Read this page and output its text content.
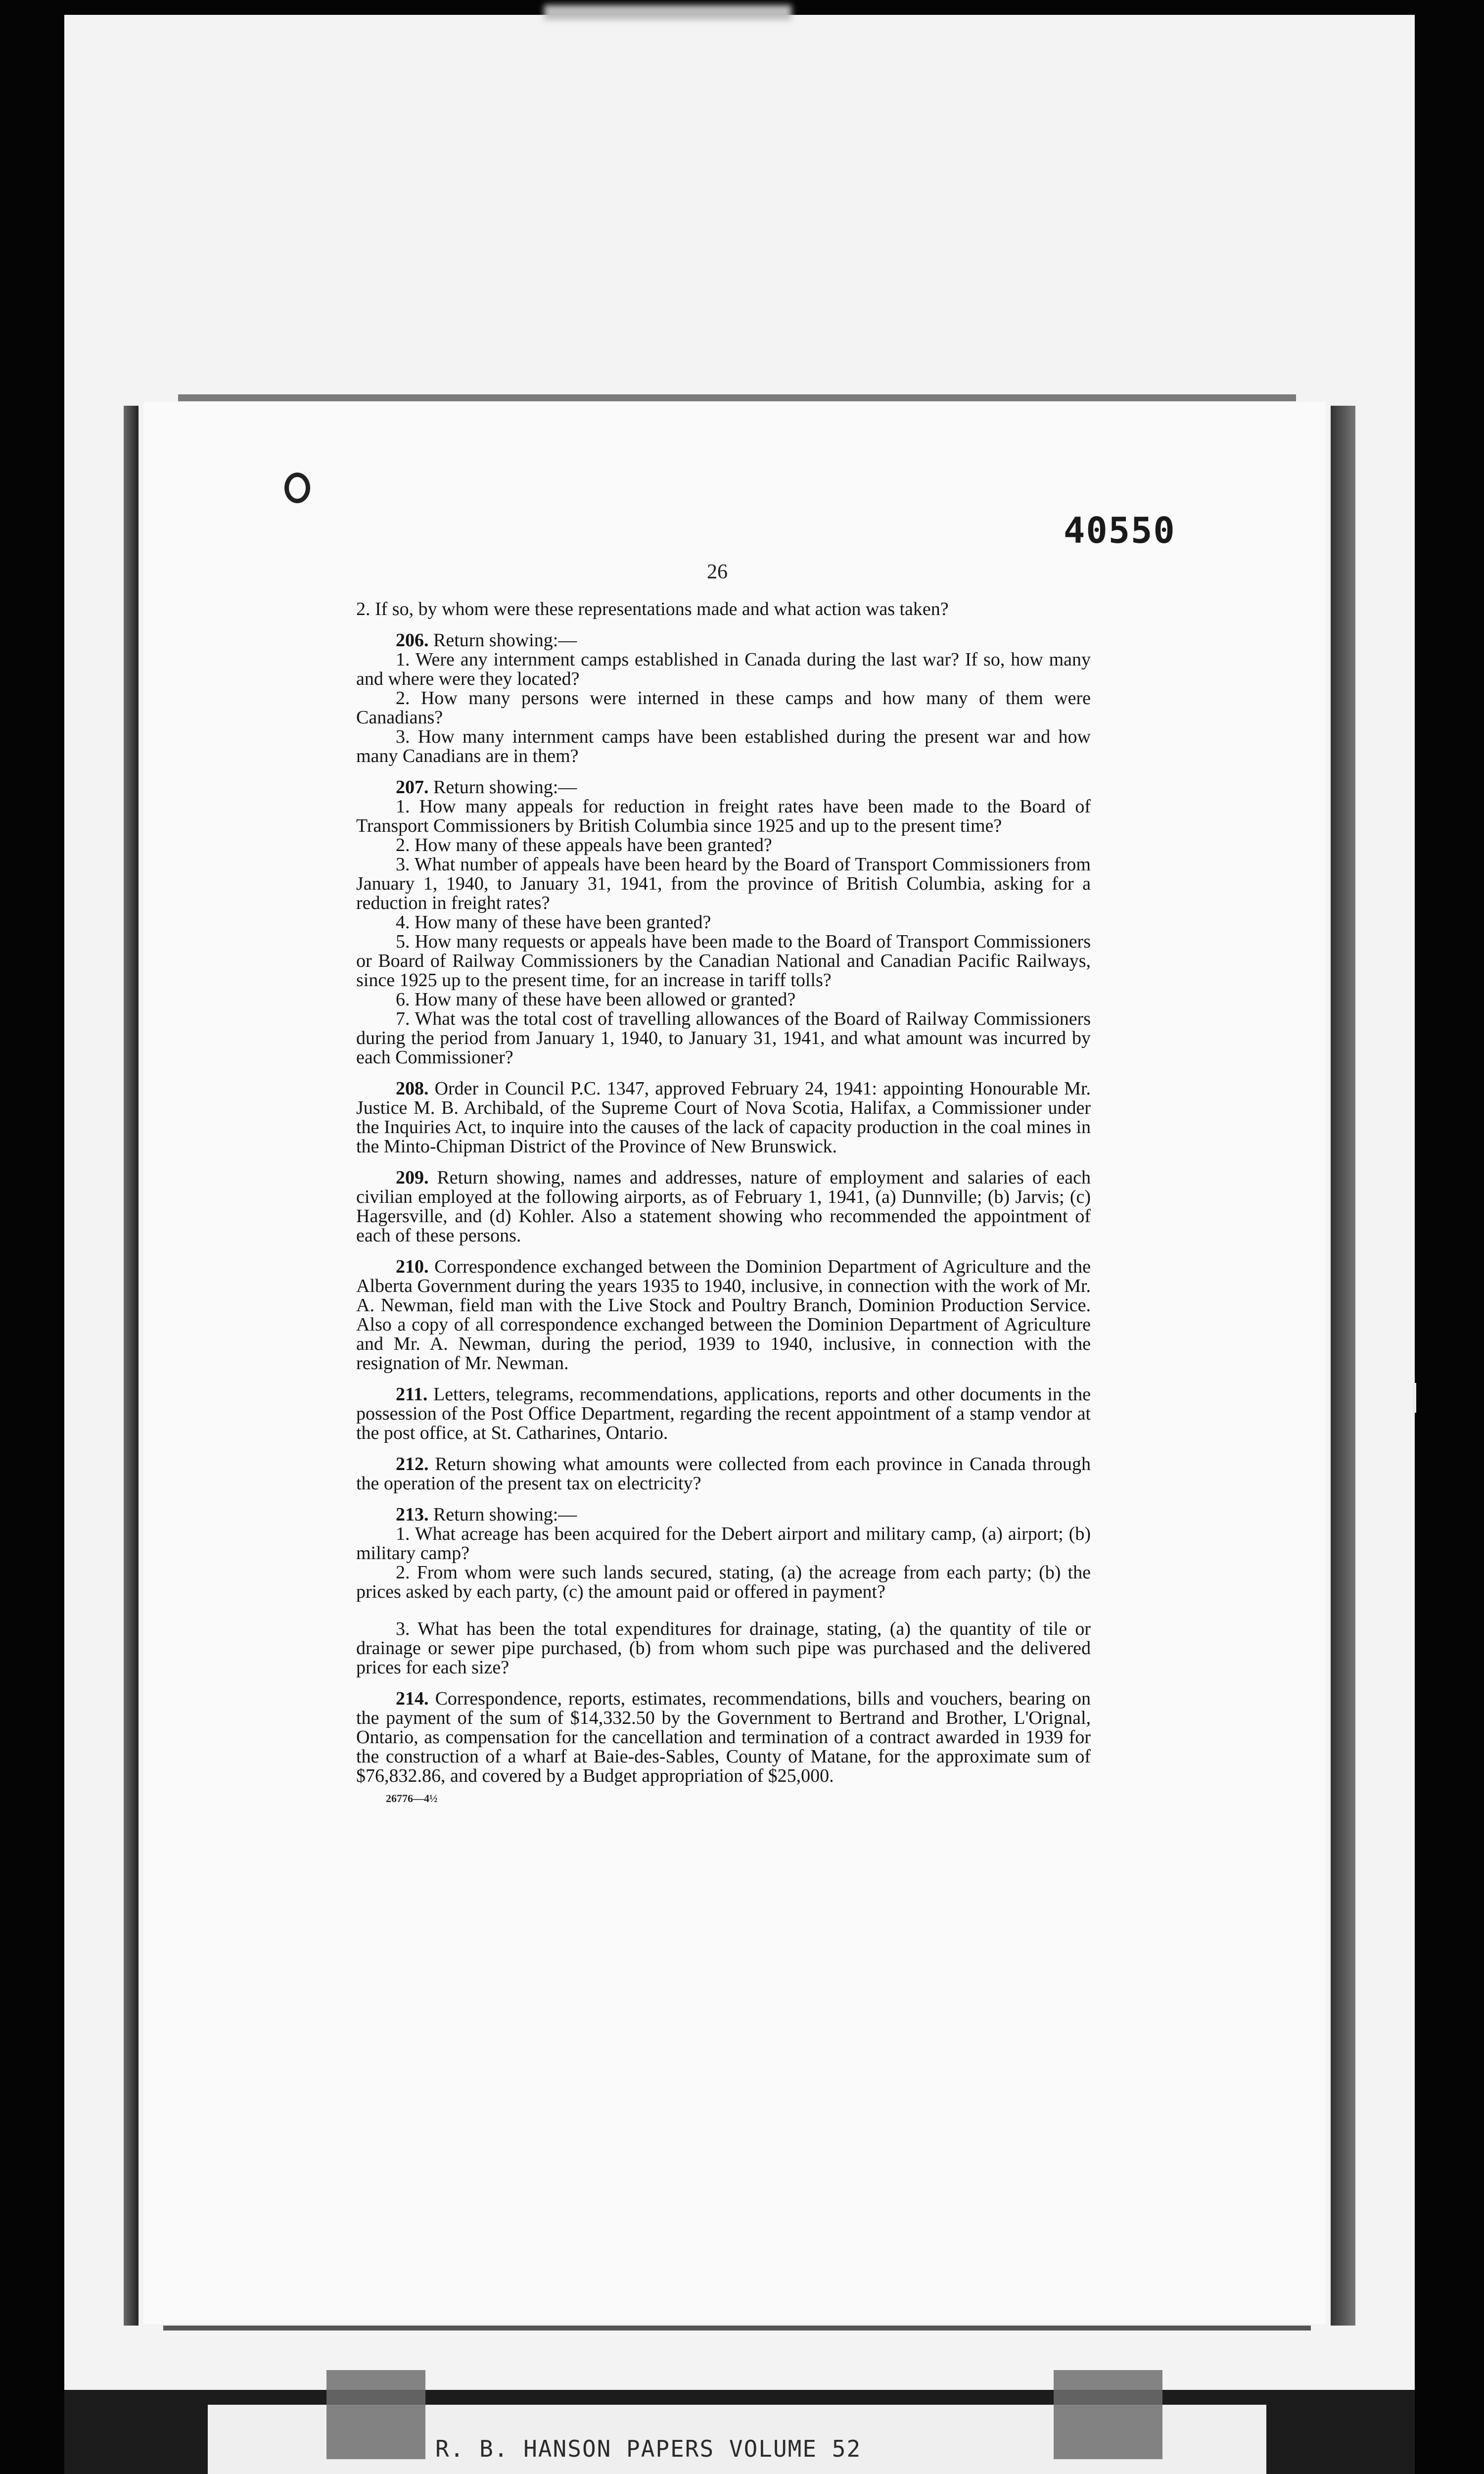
40550
26

2. If so, by whom were these representations made and what action was taken?

206. Return showing:—

1. Were any internment camps established in Canada during the last war? If so, how many and where were they located?

2. How many persons were interned in these camps and how many of them were Canadians?

3. How many internment camps have been established during the present war and how many Canadians are in them?

207. Return showing:—

1. How many appeals for reduction in freight rates have been made to the Board of Transport Commissioners by British Columbia since 1925 and up to the present time?

2. How many of these appeals have been granted?

3. What number of appeals have been heard by the Board of Transport Commissioners from January 1, 1940, to January 31, 1941, from the province of British Columbia, asking for a reduction in freight rates?

4. How many of these have been granted?

5. How many requests or appeals have been made to the Board of Transport Commissioners or Board of Railway Commissioners by the Canadian National and Canadian Pacific Railways, since 1925 up to the present time, for an increase in tariff tolls?

6. How many of these have been allowed or granted?

7. What was the total cost of travelling allowances of the Board of Railway Commissioners during the period from January 1, 1940, to January 31, 1941, and what amount was incurred by each Commissioner?

208. Order in Council P.C. 1347, approved February 24, 1941: appointing Honourable Mr. Justice M. B. Archibald, of the Supreme Court of Nova Scotia, Halifax, a Commissioner under the Inquiries Act, to inquire into the causes of the lack of capacity production in the coal mines in the Minto-Chipman District of the Province of New Brunswick.

209. Return showing, names and addresses, nature of employment and salaries of each civilian employed at the following airports, as of February 1, 1941, (a) Dunnville; (b) Jarvis; (c) Hagersville, and (d) Kohler. Also a statement showing who recommended the appointment of each of these persons.

210. Correspondence exchanged between the Dominion Department of Agriculture and the Alberta Government during the years 1935 to 1940, inclusive, in connection with the work of Mr. A. Newman, field man with the Live Stock and Poultry Branch, Dominion Production Service. Also a copy of all correspondence exchanged between the Dominion Department of Agriculture and Mr. A. Newman, during the period, 1939 to 1940, inclusive, in connection with the resignation of Mr. Newman.

211. Letters, telegrams, recommendations, applications, reports and other documents in the possession of the Post Office Department, regarding the recent appointment of a stamp vendor at the post office, at St. Catharines, Ontario.

212. Return showing what amounts were collected from each province in Canada through the operation of the present tax on electricity?

213. Return showing:—

1. What acreage has been acquired for the Debert airport and military camp, (a) airport; (b) military camp?

2. From whom were such lands secured, stating, (a) the acreage from each party; (b) the prices asked by each party, (c) the amount paid or offered in payment?

3. What has been the total expenditures for drainage, stating, (a) the quantity of tile or drainage or sewer pipe purchased, (b) from whom such pipe was purchased and the delivered prices for each size?

214. Correspondence, reports, estimates, recommendations, bills and vouchers, bearing on the payment of the sum of $14,332.50 by the Government to Bertrand and Brother, L'Orignal, Ontario, as compensation for the cancellation and termination of a contract awarded in 1939 for the construction of a wharf at Baie-des-Sables, County of Matane, for the approximate sum of $76,832.86, and covered by a Budget appropriation of $25,000.

26776—4½
R. B. HANSON PAPERS VOLUME 52
